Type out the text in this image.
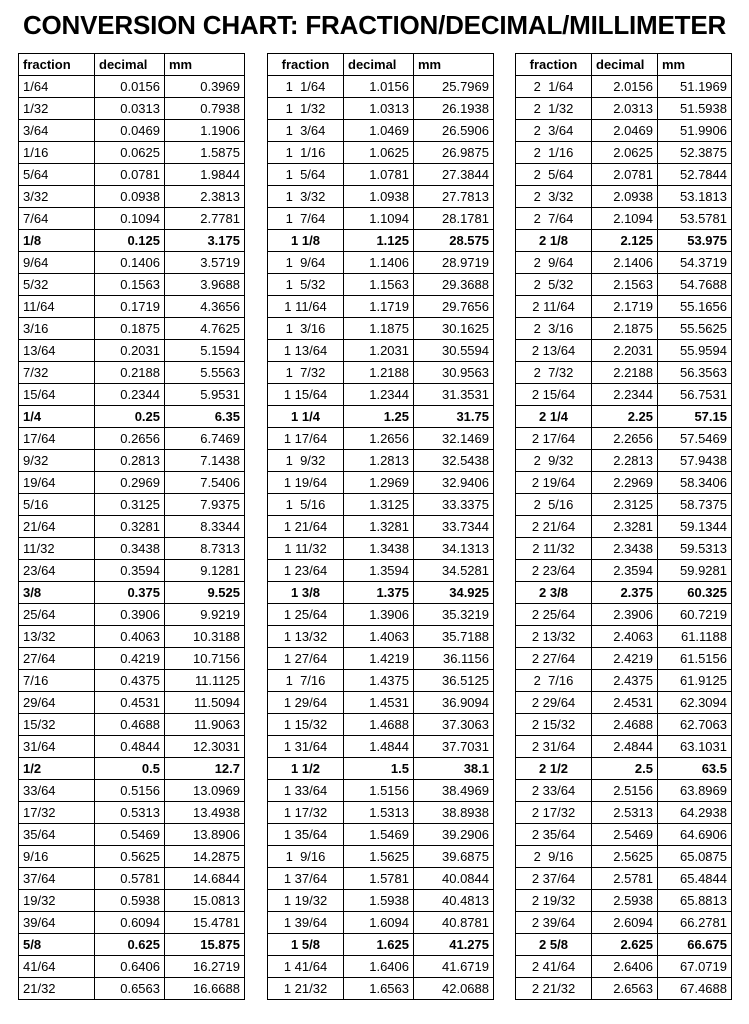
CONVERSION CHART: FRACTION/DECIMAL/MILLIMETER
fraction	decimal	mm
1/64	0.0156	0.3969
1/32	0.0313	0.7938
3/64	0.0469	1.1906
1/16	0.0625	1.5875
5/64	0.0781	1.9844
3/32	0.0938	2.3813
7/64	0.1094	2.7781
1/8	0.125	3.175
9/64	0.1406	3.5719
5/32	0.1563	3.9688
11/64	0.1719	4.3656
3/16	0.1875	4.7625
13/64	0.2031	5.1594
7/32	0.2188	5.5563
15/64	0.2344	5.9531
1/4	0.25	6.35
17/64	0.2656	6.7469
9/32	0.2813	7.1438
19/64	0.2969	7.5406
5/16	0.3125	7.9375
21/64	0.3281	8.3344
11/32	0.3438	8.7313
23/64	0.3594	9.1281
3/8	0.375	9.525
25/64	0.3906	9.9219
13/32	0.4063	10.3188
27/64	0.4219	10.7156
7/16	0.4375	11.1125
29/64	0.4531	11.5094
15/32	0.4688	11.9063
31/64	0.4844	12.3031
1/2	0.5	12.7
33/64	0.5156	13.0969
17/32	0.5313	13.4938
35/64	0.5469	13.8906
9/16	0.5625	14.2875
37/64	0.5781	14.6844
19/32	0.5938	15.0813
39/64	0.6094	15.4781
5/8	0.625	15.875
41/64	0.6406	16.2719
21/32	0.6563	16.6688
fraction	decimal	mm
1  1/64	1.0156	25.7969
1  1/32	1.0313	26.1938
1  3/64	1.0469	26.5906
1  1/16	1.0625	26.9875
1  5/64	1.0781	27.3844
1  3/32	1.0938	27.7813
1  7/64	1.1094	28.1781
1 1/8	1.125	28.575
1  9/64	1.1406	28.9719
1  5/32	1.1563	29.3688
1 11/64	1.1719	29.7656
1  3/16	1.1875	30.1625
1 13/64	1.2031	30.5594
1  7/32	1.2188	30.9563
1 15/64	1.2344	31.3531
1 1/4	1.25	31.75
1 17/64	1.2656	32.1469
1  9/32	1.2813	32.5438
1 19/64	1.2969	32.9406
1  5/16	1.3125	33.3375
1 21/64	1.3281	33.7344
1 11/32	1.3438	34.1313
1 23/64	1.3594	34.5281
1 3/8	1.375	34.925
1 25/64	1.3906	35.3219
1 13/32	1.4063	35.7188
1 27/64	1.4219	36.1156
1  7/16	1.4375	36.5125
1 29/64	1.4531	36.9094
1 15/32	1.4688	37.3063
1 31/64	1.4844	37.7031
1 1/2	1.5	38.1
1 33/64	1.5156	38.4969
1 17/32	1.5313	38.8938
1 35/64	1.5469	39.2906
1  9/16	1.5625	39.6875
1 37/64	1.5781	40.0844
1 19/32	1.5938	40.4813
1 39/64	1.6094	40.8781
1 5/8	1.625	41.275
1 41/64	1.6406	41.6719
1 21/32	1.6563	42.0688
fraction	decimal	mm
2  1/64	2.0156	51.1969
2  1/32	2.0313	51.5938
2  3/64	2.0469	51.9906
2  1/16	2.0625	52.3875
2  5/64	2.0781	52.7844
2  3/32	2.0938	53.1813
2  7/64	2.1094	53.5781
2 1/8	2.125	53.975
2  9/64	2.1406	54.3719
2  5/32	2.1563	54.7688
2 11/64	2.1719	55.1656
2  3/16	2.1875	55.5625
2 13/64	2.2031	55.9594
2  7/32	2.2188	56.3563
2 15/64	2.2344	56.7531
2 1/4	2.25	57.15
2 17/64	2.2656	57.5469
2  9/32	2.2813	57.9438
2 19/64	2.2969	58.3406
2  5/16	2.3125	58.7375
2 21/64	2.3281	59.1344
2 11/32	2.3438	59.5313
2 23/64	2.3594	59.9281
2 3/8	2.375	60.325
2 25/64	2.3906	60.7219
2 13/32	2.4063	61.1188
2 27/64	2.4219	61.5156
2  7/16	2.4375	61.9125
2 29/64	2.4531	62.3094
2 15/32	2.4688	62.7063
2 31/64	2.4844	63.1031
2 1/2	2.5	63.5
2 33/64	2.5156	63.8969
2 17/32	2.5313	64.2938
2 35/64	2.5469	64.6906
2  9/16	2.5625	65.0875
2 37/64	2.5781	65.4844
2 19/32	2.5938	65.8813
2 39/64	2.6094	66.2781
2 5/8	2.625	66.675
2 41/64	2.6406	67.0719
2 21/32	2.6563	67.4688
